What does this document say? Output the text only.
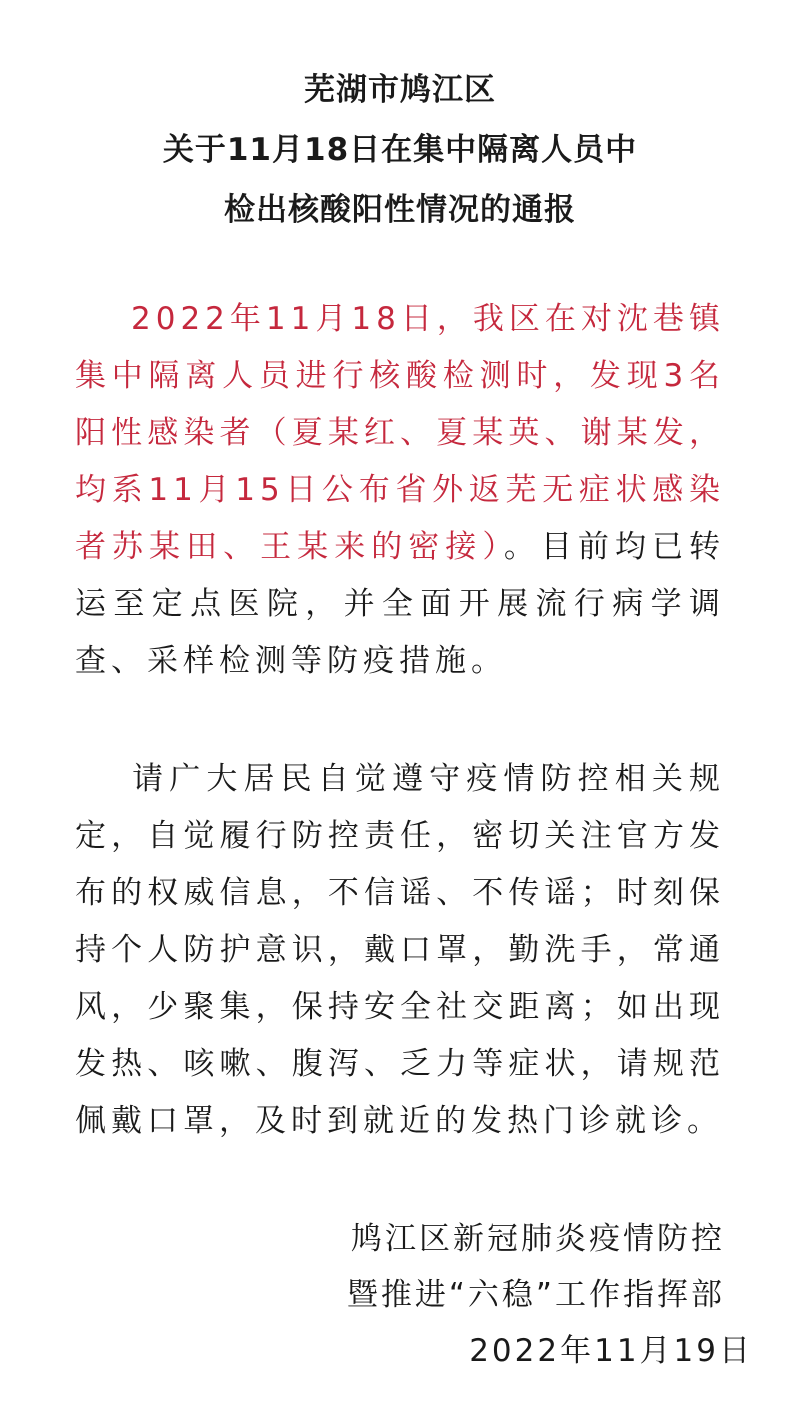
芜湖市鸠江区
关于11月18日在集中隔离人员中
检出核酸阳性情况的通报

2022年11月18日，我区在对沈巷镇集中隔离人员进行核酸检测时，发现3名阳性感染者（夏某红、夏某英、谢某发，均系11月15日公布省外返芜无症状感染者苏某田、王某来的密接）。目前均已转运至定点医院，并全面开展流行病学调查、采样检测等防疫措施。

请广大居民自觉遵守疫情防控相关规定，自觉履行防控责任，密切关注官方发布的权威信息，不信谣、不传谣；时刻保持个人防护意识，戴口罩，勤洗手，常通风，少聚集，保持安全社交距离；如出现发热、咳嗽、腹泻、乏力等症状，请规范佩戴口罩，及时到就近的发热门诊就诊。

鸠江区新冠肺炎疫情防控
暨推进“六稳”工作指挥部
2022年11月19日
